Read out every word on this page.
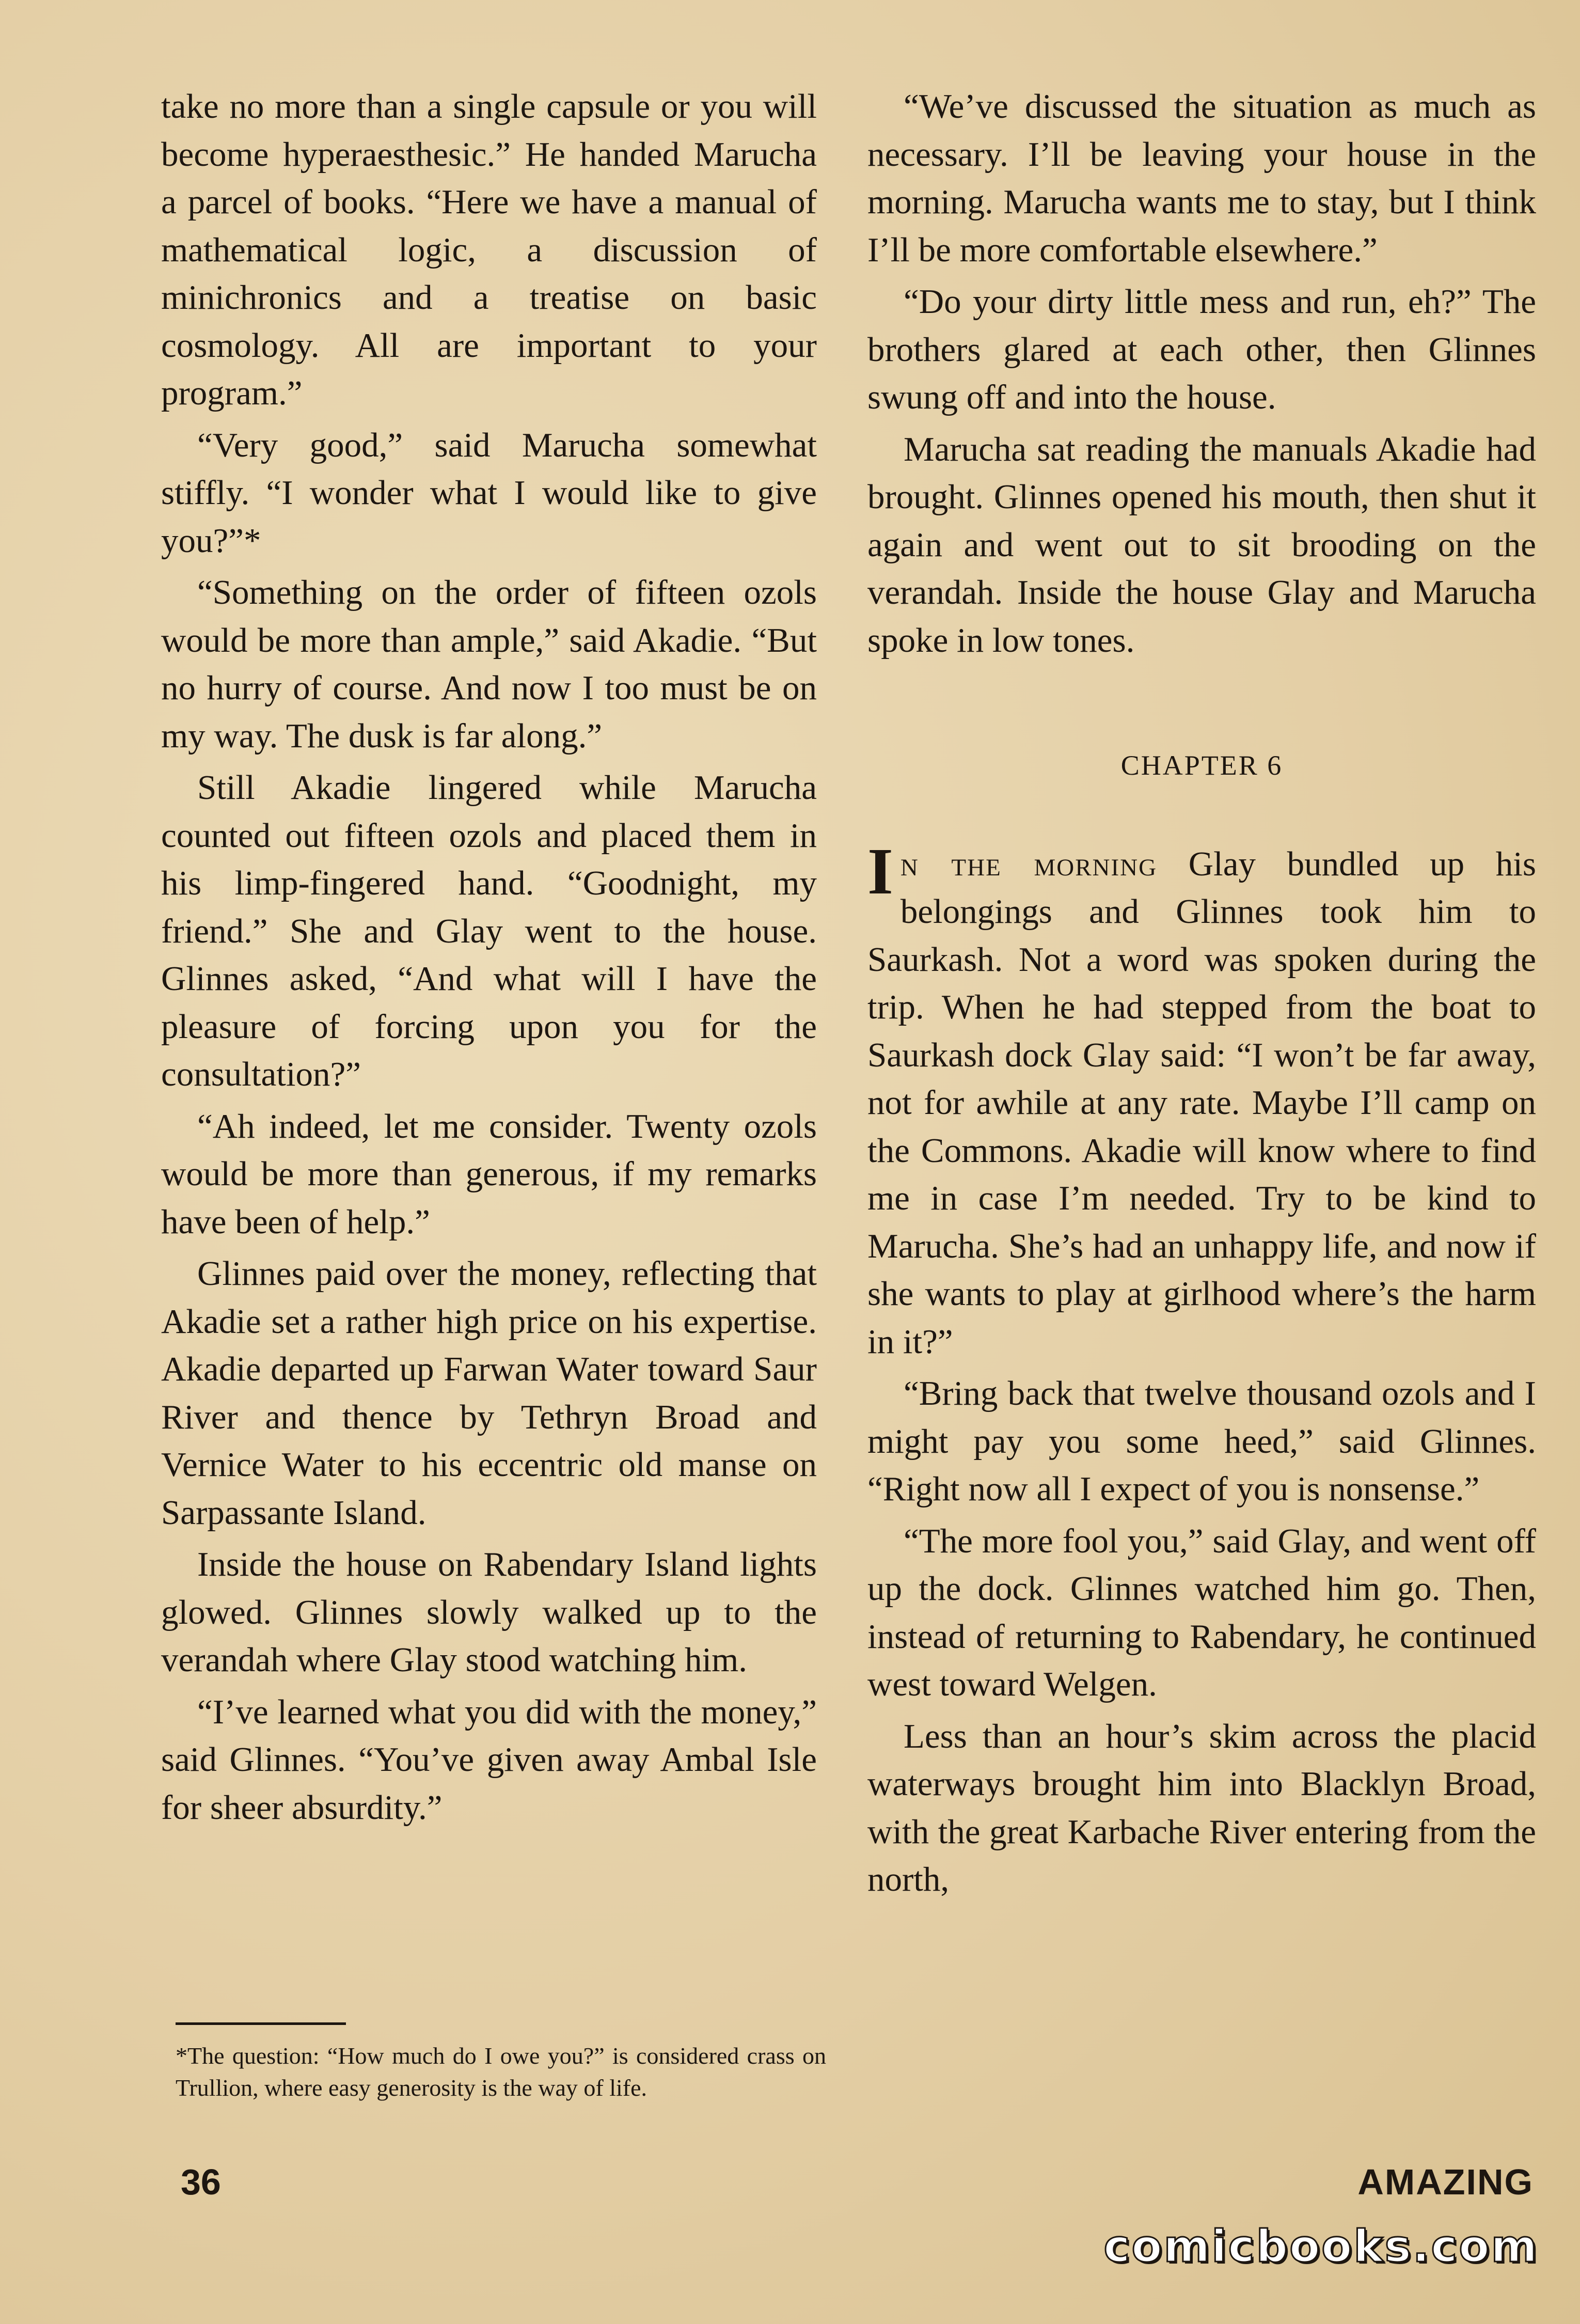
take no more than a single capsule or you will become hyperaesthesic.” He handed Marucha a parcel of books. “Here we have a manual of mathematical logic, a discussion of minichronics and a treatise on basic cosmology. All are important to your program.”

“Very good,” said Marucha somewhat stiffly. “I wonder what I would like to give you?”*

“Something on the order of fifteen ozols would be more than ample,” said Akadie. “But no hurry of course. And now I too must be on my way. The dusk is far along.”

Still Akadie lingered while Marucha counted out fifteen ozols and placed them in his limp-fingered hand. “Goodnight, my friend.” She and Glay went to the house. Glinnes asked, “And what will I have the pleasure of forcing upon you for the consultation?”

“Ah indeed, let me consider. Twenty ozols would be more than generous, if my remarks have been of help.”

Glinnes paid over the money, reflecting that Akadie set a rather high price on his expertise. Akadie departed up Farwan Water toward Saur River and thence by Tethryn Broad and Vernice Water to his eccentric old manse on Sarpassante Island.

Inside the house on Rabendary Island lights glowed. Glinnes slowly walked up to the verandah where Glay stood watching him.

“I’ve learned what you did with the money,” said Glinnes. “You’ve given away Ambal Isle for sheer absurdity.”

*The question: “How much do I owe you?” is considered crass on Trullion, where easy generosity is the way of life.

“We’ve discussed the situation as much as necessary. I’ll be leaving your house in the morning. Marucha wants me to stay, but I think I’ll be more comfortable elsewhere.”

“Do your dirty little mess and run, eh?” The brothers glared at each other, then Glinnes swung off and into the house.

Marucha sat reading the manuals Akadie had brought. Glinnes opened his mouth, then shut it again and went out to sit brooding on the verandah. Inside the house Glay and Marucha spoke in low tones.

CHAPTER 6

In the morning Glay bundled up his belongings and Glinnes took him to Saurkash. Not a word was spoken during the trip. When he had stepped from the boat to Saurkash dock Glay said: “I won’t be far away, not for awhile at any rate. Maybe I’ll camp on the Commons. Akadie will know where to find me in case I’m needed. Try to be kind to Marucha. She’s had an unhappy life, and now if she wants to play at girlhood where’s the harm in it?”

“Bring back that twelve thousand ozols and I might pay you some heed,” said Glinnes. “Right now all I expect of you is nonsense.”

“The more fool you,” said Glay, and went off up the dock. Glinnes watched him go. Then, instead of returning to Rabendary, he continued west toward Welgen.

Less than an hour’s skim across the placid waterways brought him into Blacklyn Broad, with the great Karbache River entering from the north,

36	AMAZING
comicbooks.com
